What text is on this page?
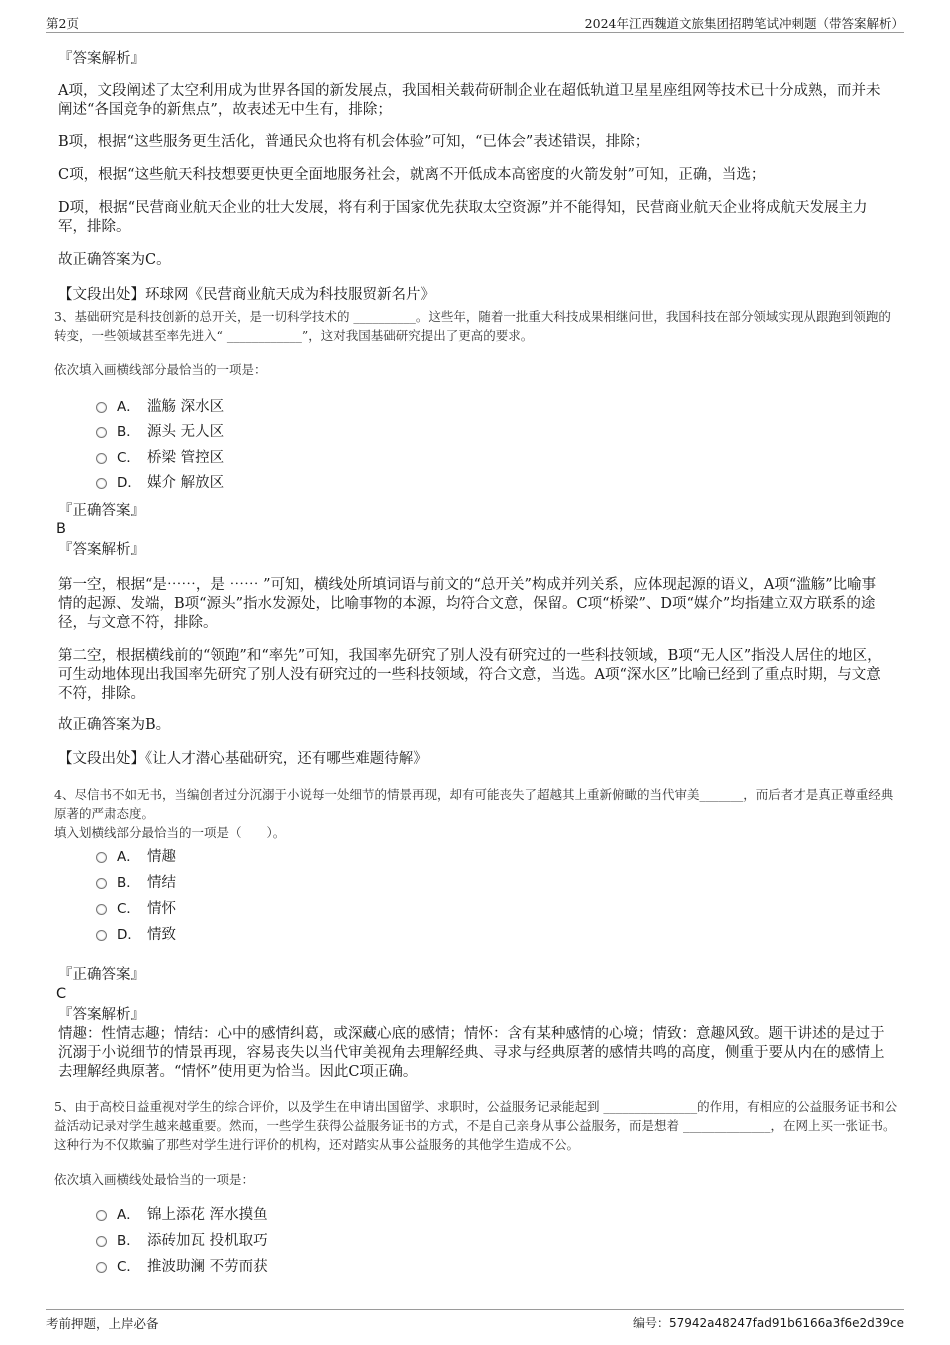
第2页	2024年江西魏道文旅集团招聘笔试冲刺题（带答案解析）
『答案解析』
A项，文段阐述了太空利用成为世界各国的新发展点，我国相关载荷研制企业在超低轨道卫星星座组网等技术已十分成熟，而并未阐述“各国竞争的新焦点”，故表述无中生有，排除；
B项，根据“这些服务更生活化，普通民众也将有机会体验”可知，“已体会”表述错误，排除；
C项，根据“这些航天科技想要更快更全面地服务社会，就离不开低成本高密度的火箭发射”可知，正确，当选；
D项，根据“民营商业航天企业的壮大发展，将有利于国家优先获取太空资源”并不能得知，民营商业航天企业将成航天发展主力军，排除。
故正确答案为C。
【文段出处】环球网《民营商业航天成为科技服贸新名片》
3、基础研究是科技创新的总开关，是一切科学技术的 __________。这些年，随着一批重大科技成果相继问世，我国科技在部分领域实现从跟跑到领跑的转变，一些领域甚至率先进入“ ____________”，这对我国基础研究提出了更高的要求。
依次填入画横线部分最恰当的一项是：
A． 滥觞 深水区
B． 源头 无人区
C． 桥梁 管控区
D． 媒介 解放区
『正确答案』
B
『答案解析』
第一空，根据“是⋯⋯，是 ⋯⋯ ”可知，横线处所填词语与前文的“总开关”构成并列关系，应体现起源的语义，A项“滥觞”比喻事情的起源、发端，B项“源头”指水发源处，比喻事物的本源，均符合文意，保留。C项“桥梁”、D项“媒介”均指建立双方联系的途径，与文意不符，排除。
第二空，根据横线前的“领跑”和“率先”可知，我国率先研究了别人没有研究过的一些科技领域，B项“无人区”指没人居住的地区，可生动地体现出我国率先研究了别人没有研究过的一些科技领域，符合文意，当选。A项“深水区”比喻已经到了重点时期，与文意不符，排除。
故正确答案为B。
【文段出处】《让人才潜心基础研究，还有哪些难题待解》
4、尽信书不如无书，当编创者过分沉溺于小说每一处细节的情景再现，却有可能丧失了超越其上重新俯瞰的当代审美_______，而后者才是真正尊重经典原著的严肃态度。
填入划横线部分最恰当的一项是（　　）。
A． 情趣
B． 情结
C． 情怀
D． 情致
『正确答案』
C
『答案解析』
情趣：性情志趣；情结：心中的感情纠葛，或深藏心底的感情；情怀：含有某种感情的心境；情致：意趣风致。题干讲述的是过于沉溺于小说细节的情景再现，容易丧失以当代审美视角去理解经典、寻求与经典原著的感情共鸣的高度，侧重于要从内在的感情上去理解经典原著。“情怀”使用更为恰当。因此C项正确。
5、由于高校日益重视对学生的综合评价，以及学生在申请出国留学、求职时，公益服务记录能起到 _______________的作用，有相应的公益服务证书和公益活动记录对学生越来越重要。然而，一些学生获得公益服务证书的方式，不是自己亲身从事公益服务，而是想着 ______________，在网上买一张证书。这种行为不仅欺骗了那些对学生进行评价的机构，还对踏实从事公益服务的其他学生造成不公。
依次填入画横线处最恰当的一项是：
A． 锦上添花 浑水摸鱼
B． 添砖加瓦 投机取巧
C． 推波助澜 不劳而获
考前押题，上岸必备	编号：57942a48247fad91b6166a3f6e2d39ce
